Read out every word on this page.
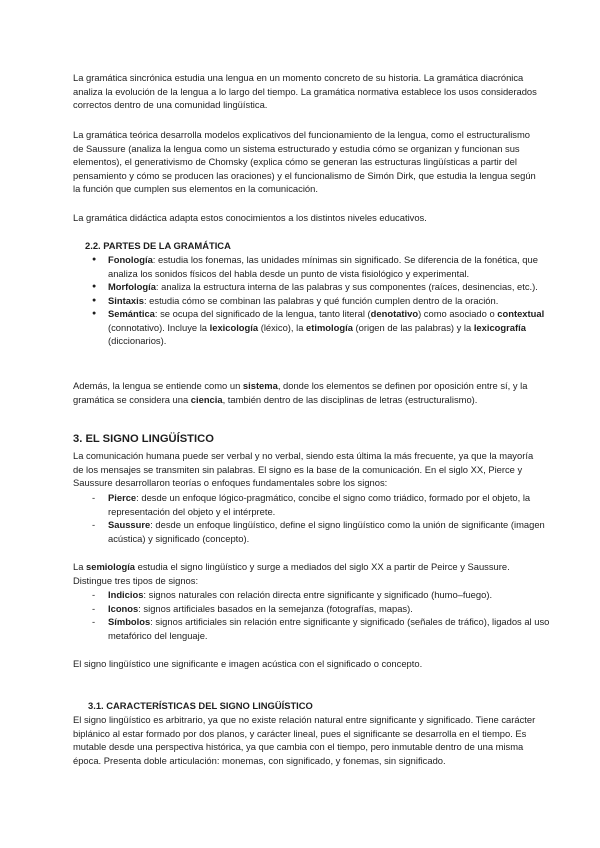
La gramática sincrónica estudia una lengua en un momento concreto de su historia. La gramática diacrónica analiza la evolución de la lengua a lo largo del tiempo. La gramática normativa establece los usos considerados correctos dentro de una comunidad lingüística.

La gramática teórica desarrolla modelos explicativos del funcionamiento de la lengua, como el estructuralismo de Saussure (analiza la lengua como un sistema estructurado y estudia cómo se organizan y funcionan sus elementos), el generativismo de Chomsky (explica cómo se generan las estructuras lingüísticas a partir del pensamiento y cómo se producen las oraciones) y el funcionalismo de Simón Dirk, que estudia la lengua según la función que cumplen sus elementos en la comunicación.

La gramática didáctica adapta estos conocimientos a los distintos niveles educativos.

2.2. PARTES DE LA GRAMÁTICA
● Fonología: estudia los fonemas, las unidades mínimas sin significado. Se diferencia de la fonética, que analiza los sonidos físicos del habla desde un punto de vista fisiológico y experimental.
● Morfología: analiza la estructura interna de las palabras y sus componentes (raíces, desinencias, etc.).
● Sintaxis: estudia cómo se combinan las palabras y qué función cumplen dentro de la oración.
● Semántica: se ocupa del significado de la lengua, tanto literal (denotativo) como asociado o contextual (connotativo). Incluye la lexicología (léxico), la etimología (origen de las palabras) y la lexicografía (diccionarios).

Además, la lengua se entiende como un sistema, donde los elementos se definen por oposición entre sí, y la gramática se considera una ciencia, también dentro de las disciplinas de letras (estructuralismo).

3. EL SIGNO LINGÜÍSTICO

La comunicación humana puede ser verbal y no verbal, siendo esta última la más frecuente, ya que la mayoría de los mensajes se transmiten sin palabras. El signo es la base de la comunicación. En el siglo XX, Pierce y Saussure desarrollaron teorías o enfoques fundamentales sobre los signos:

- Pierce: desde un enfoque lógico-pragmático, concibe el signo como triádico, formado por el objeto, la representación del objeto y el intérprete.
- Saussure: desde un enfoque lingüístico, define el signo lingüístico como la unión de significante (imagen acústica) y significado (concepto).

La semiología estudia el signo lingüístico y surge a mediados del siglo XX a partir de Peirce y Saussure. Distingue tres tipos de signos:

- Indicios: signos naturales con relación directa entre significante y significado (humo–fuego).
- Iconos: signos artificiales basados en la semejanza (fotografías, mapas).
- Símbolos: signos artificiales sin relación entre significante y significado (señales de tráfico), ligados al uso metafórico del lenguaje.

El signo lingüístico une significante e imagen acústica con el significado o concepto.

3.1. CARACTERÍSTICAS DEL SIGNO LINGÜÍSTICO

El signo lingüístico es arbitrario, ya que no existe relación natural entre significante y significado. Tiene carácter biplánico al estar formado por dos planos, y carácter lineal, pues el significante se desarrolla en el tiempo. Es mutable desde una perspectiva histórica, ya que cambia con el tiempo, pero inmutable dentro de una misma época. Presenta doble articulación: monemas, con significado, y fonemas, sin significado.
